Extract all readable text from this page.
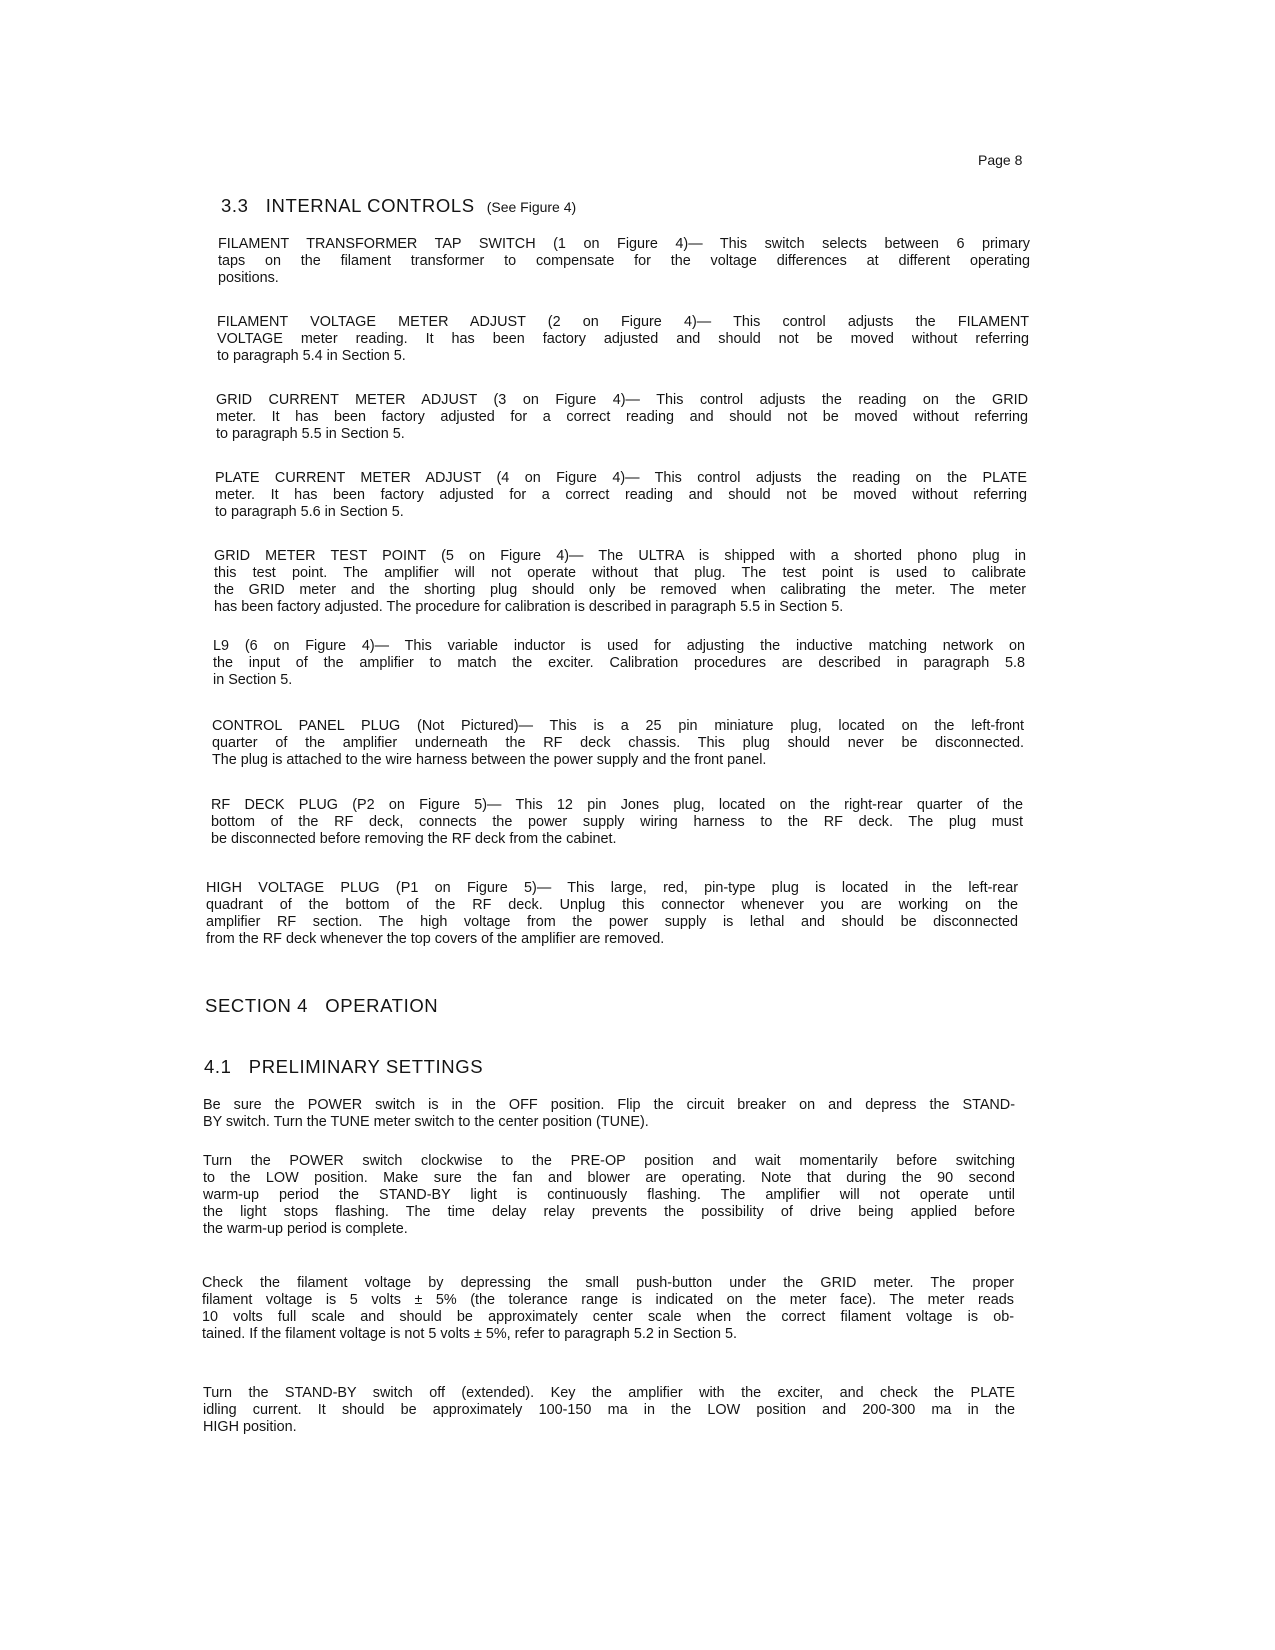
Page 8
3.3 INTERNAL CONTROLS (See Figure 4)
SECTION 4   OPERATION
4.1 PRELIMINARY SETTINGS
FILAMENT TRANSFORMER TAP SWITCH (1 on Figure 4)— This switch selects between 6 primary
taps on the filament transformer to compensate for the voltage differences at different operating
positions.
FILAMENT VOLTAGE METER ADJUST (2 on Figure 4)— This control adjusts the FILAMENT
VOLTAGE meter reading. It has been factory adjusted and should not be moved without referring
to paragraph 5.4 in Section 5.
GRID CURRENT METER ADJUST (3 on Figure 4)— This control adjusts the reading on the GRID
meter. It has been factory adjusted for a correct reading and should not be moved without referring
to paragraph 5.5 in Section 5.
PLATE CURRENT METER ADJUST (4 on Figure 4)— This control adjusts the reading on the PLATE
meter. It has been factory adjusted for a correct reading and should not be moved without referring
to paragraph 5.6 in Section 5.
GRID METER TEST POINT (5 on Figure 4)— The ULTRA is shipped with a shorted phono plug in
this test point. The amplifier will not operate without that plug. The test point is used to calibrate
the GRID meter and the shorting plug should only be removed when calibrating the meter. The meter
has been factory adjusted. The procedure for calibration is described in paragraph 5.5 in Section 5.
L9 (6 on Figure 4)— This variable inductor is used for adjusting the inductive matching network on
the input of the amplifier to match the exciter. Calibration procedures are described in paragraph 5.8
in Section 5.
CONTROL PANEL PLUG (Not Pictured)— This is a 25 pin miniature plug, located on the left-front
quarter of the amplifier underneath the RF deck chassis. This plug should never be disconnected.
The plug is attached to the wire harness between the power supply and the front panel.
RF DECK PLUG (P2 on Figure 5)— This 12 pin Jones plug, located on the right-rear quarter of the
bottom of the RF deck, connects the power supply wiring harness to the RF deck. The plug must
be disconnected before removing the RF deck from the cabinet.
HIGH VOLTAGE PLUG (P1 on Figure 5)— This large, red, pin-type plug is located in the left-rear
quadrant of the bottom of the RF deck. Unplug this connector whenever you are working on the
amplifier RF section. The high voltage from the power supply is lethal and should be disconnected
from the RF deck whenever the top covers of the amplifier are removed.
Be sure the POWER switch is in the OFF position. Flip the circuit breaker on and depress the STAND-
BY switch. Turn the TUNE meter switch to the center position (TUNE).
Turn the POWER switch clockwise to the PRE-OP position and wait momentarily before switching
to the LOW position. Make sure the fan and blower are operating. Note that during the 90 second
warm-up period the STAND-BY light is continuously flashing. The amplifier will not operate until
the light stops flashing. The time delay relay prevents the possibility of drive being applied before
the warm-up period is complete.
Check the filament voltage by depressing the small push-button under the GRID meter. The proper
filament voltage is 5 volts ± 5% (the tolerance range is indicated on the meter face). The meter reads
10 volts full scale and should be approximately center scale when the correct filament voltage is ob-
tained. If the filament voltage is not 5 volts ± 5%, refer to paragraph 5.2 in Section 5.
Turn the STAND-BY switch off (extended). Key the amplifier with the exciter, and check the PLATE
idling current. It should be approximately 100-150 ma in the LOW position and 200-300 ma in the
HIGH position.
